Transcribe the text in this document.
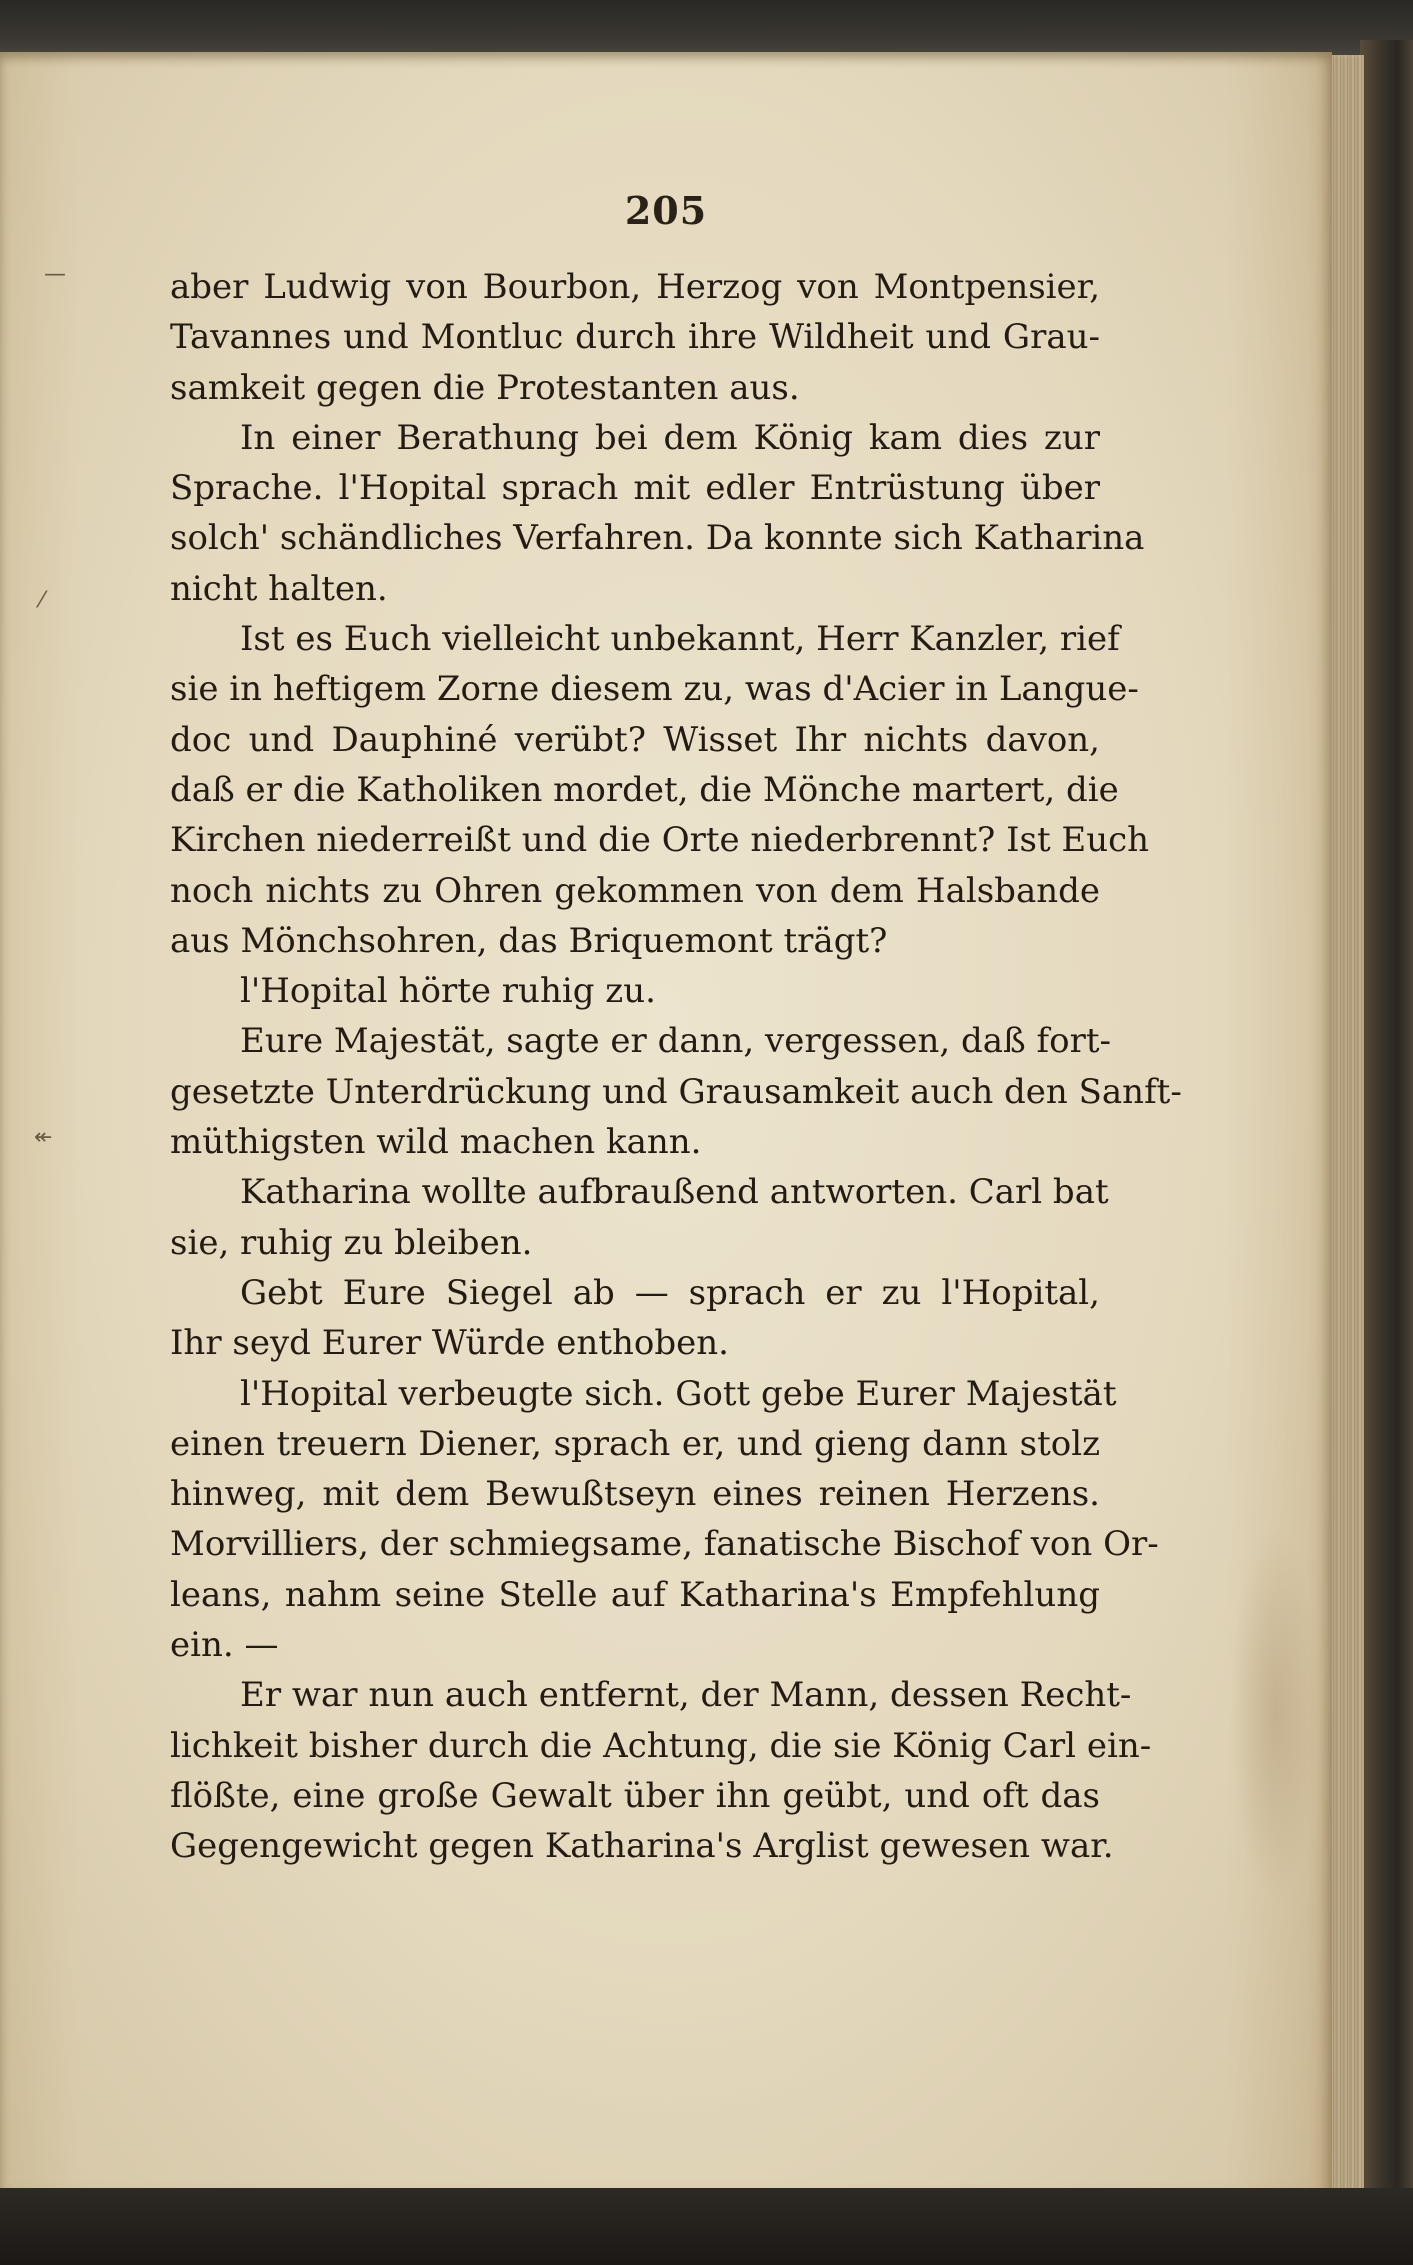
—
⁄
↞
205
aber Ludwig von Bourbon, Herzog von Montpensier,
Tavannes und Montluc durch ihre Wildheit und Grau-
samkeit gegen die Protestanten aus.
In einer Berathung bei dem König kam dies zur
Sprache. l'Hopital sprach mit edler Entrüstung über
solch' schändliches Verfahren. Da konnte sich Katharina
nicht halten.
Ist es Euch vielleicht unbekannt, Herr Kanzler, rief
sie in heftigem Zorne diesem zu, was d'Acier in Langue-
doc und Dauphiné verübt? Wisset Ihr nichts davon,
daß er die Katholiken mordet, die Mönche martert, die
Kirchen niederreißt und die Orte niederbrennt? Ist Euch
noch nichts zu Ohren gekommen von dem Halsbande
aus Mönchsohren, das Briquemont trägt?
l'Hopital hörte ruhig zu.
Eure Majestät, sagte er dann, vergessen, daß fort-
gesetzte Unterdrückung und Grausamkeit auch den Sanft-
müthigsten wild machen kann.
Katharina wollte aufbraußend antworten. Carl bat
sie, ruhig zu bleiben.
Gebt Eure Siegel ab — sprach er zu l'Hopital,
Ihr seyd Eurer Würde enthoben.
l'Hopital verbeugte sich. Gott gebe Eurer Majestät
einen treuern Diener, sprach er, und gieng dann stolz
hinweg, mit dem Bewußtseyn eines reinen Herzens.
Morvilliers, der schmiegsame, fanatische Bischof von Or-
leans, nahm seine Stelle auf Katharina's Empfehlung
ein. —
Er war nun auch entfernt, der Mann, dessen Recht-
lichkeit bisher durch die Achtung, die sie König Carl ein-
flößte, eine große Gewalt über ihn geübt, und oft das
Gegengewicht gegen Katharina's Arglist gewesen war.
